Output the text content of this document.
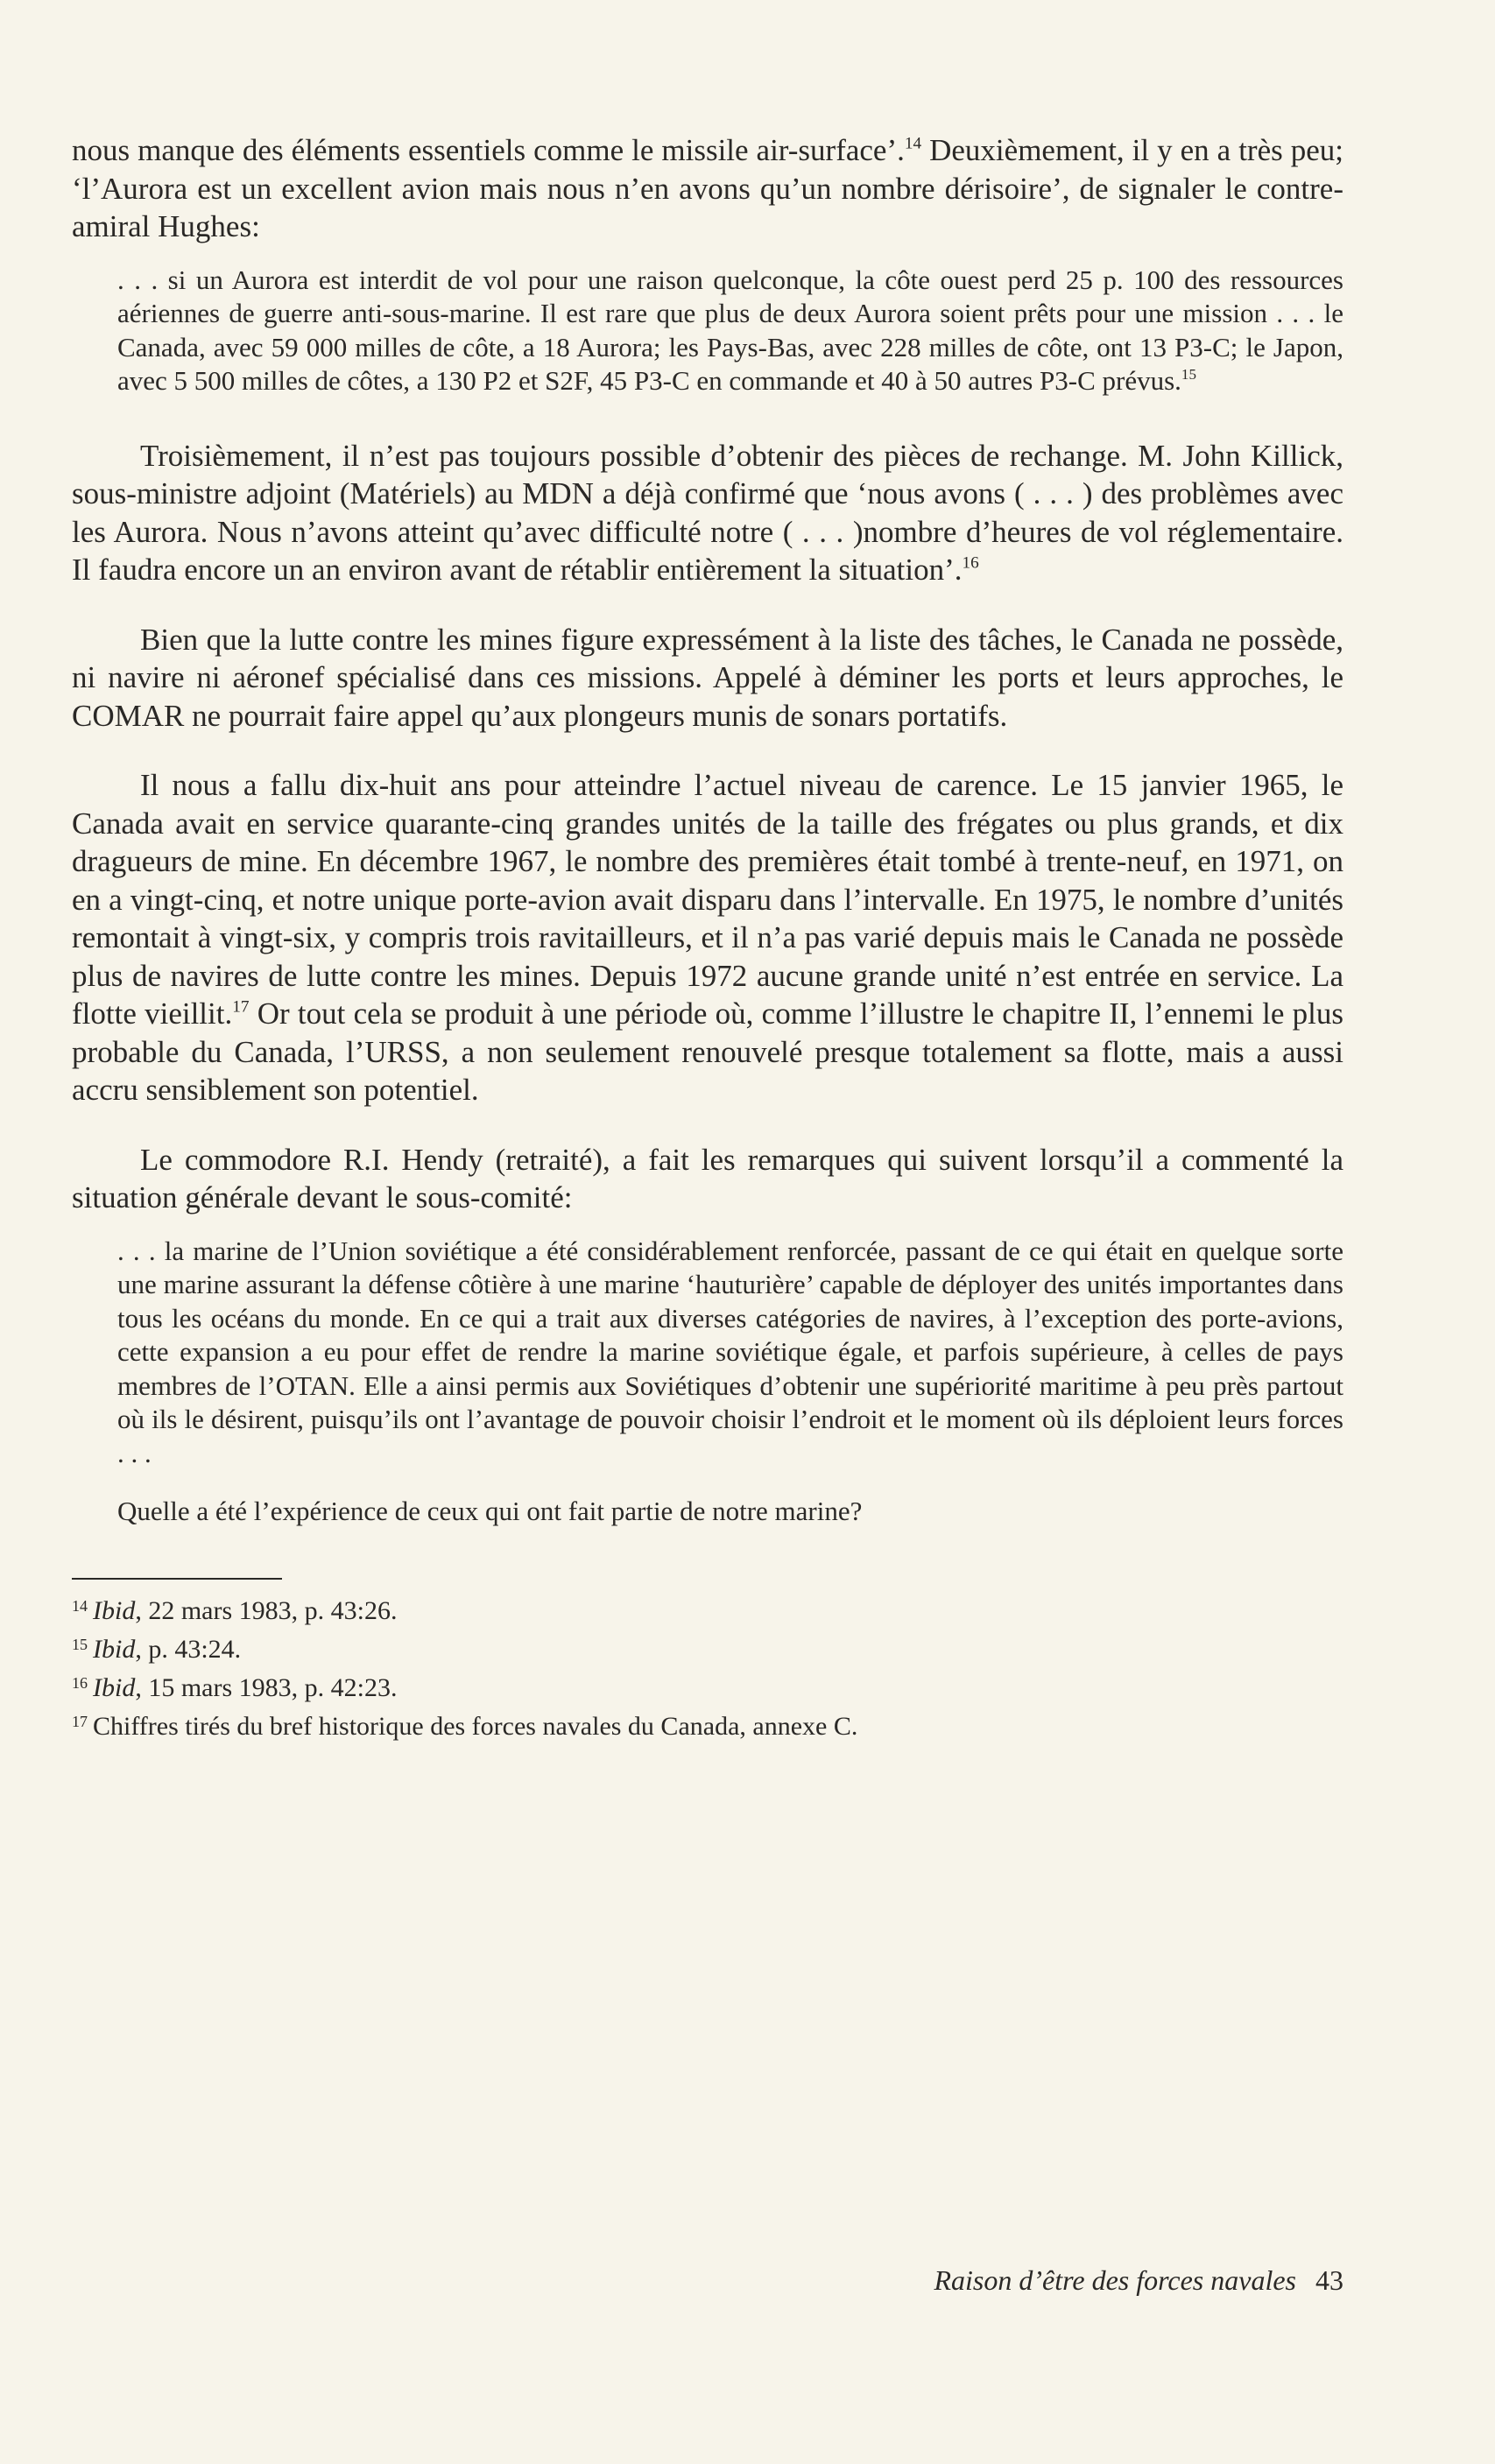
nous manque des éléments essentiels comme le missile air-surface’.$^{14}$ Deuxièmement, il y en a très peu; ‘l’Aurora est un excellent avion mais nous n’en avons qu’un nombre dérisoire’, de signaler le contre-amiral Hughes:

. . . si un Aurora est interdit de vol pour une raison quelconque, la côte ouest perd 25 p. 100 des ressources aériennes de guerre anti-sous-marine. Il est rare que plus de deux Aurora soient prêts pour une mission . . . le Canada, avec 59 000 milles de côte, a 18 Aurora; les Pays-Bas, avec 228 milles de côte, ont 13 P3-C; le Japon, avec 5 500 milles de côtes, a 130 P2 et S2F, 45 P3-C en commande et 40 à 50 autres P3-C prévus.$^{15}$

Troisièmement, il n’est pas toujours possible d’obtenir des pièces de rechange. M. John Killick, sous-ministre adjoint (Matériels) au MDN a déjà confirmé que ‘nous avons ( . . . ) des problèmes avec les Aurora. Nous n’avons atteint qu’avec difficulté notre ( . . . )nombre d’heures de vol réglementaire. Il faudra encore un an environ avant de rétablir entièrement la situation’.$^{16}$

Bien que la lutte contre les mines figure expressément à la liste des tâches, le Canada ne possède, ni navire ni aéronef spécialisé dans ces missions. Appelé à déminer les ports et leurs approches, le COMAR ne pourrait faire appel qu’aux plongeurs munis de sonars portatifs.

Il nous a fallu dix-huit ans pour atteindre l’actuel niveau de carence. Le 15 janvier 1965, le Canada avait en service quarante-cinq grandes unités de la taille des frégates ou plus grands, et dix dragueurs de mine. En décembre 1967, le nombre des premières était tombé à trente-neuf, en 1971, on en a vingt-cinq, et notre unique porte-avion avait disparu dans l’intervalle. En 1975, le nombre d’unités remontait à vingt-six, y compris trois ravitailleurs, et il n’a pas varié depuis mais le Canada ne possède plus de navires de lutte contre les mines. Depuis 1972 aucune grande unité n’est entrée en service. La flotte vieillit.$^{17}$ Or tout cela se produit à une période où, comme l’illustre le chapitre II, l’ennemi le plus probable du Canada, l’URSS, a non seulement renouvelé presque totalement sa flotte, mais a aussi accru sensiblement son potentiel.

Le commodore R.I. Hendy (retraité), a fait les remarques qui suivent lorsqu’il a commenté la situation générale devant le sous-comité:

. . . la marine de l’Union soviétique a été considérablement renforcée, passant de ce qui était en quelque sorte une marine assurant la défense côtière à une marine ‘hauturière’ capable de déployer des unités importantes dans tous les océans du monde. En ce qui a trait aux diverses catégories de navires, à l’exception des porte-avions, cette expansion a eu pour effet de rendre la marine soviétique égale, et parfois supérieure, à celles de pays membres de l’OTAN. Elle a ainsi permis aux Soviétiques d’obtenir une supériorité maritime à peu près partout où ils le désirent, puisqu’ils ont l’avantage de pouvoir choisir l’endroit et le moment où ils déploient leurs forces . . .

Quelle a été l’expérience de ceux qui ont fait partie de notre marine?

$^{14}$ Ibid, 22 mars 1983, p. 43:26.

$^{15}$ Ibid, p. 43:24.

$^{16}$ Ibid, 15 mars 1983, p. 42:23.

$^{17}$ Chiffres tirés du bref historique des forces navales du Canada, annexe C.

Raison d’être des forces navales 43
